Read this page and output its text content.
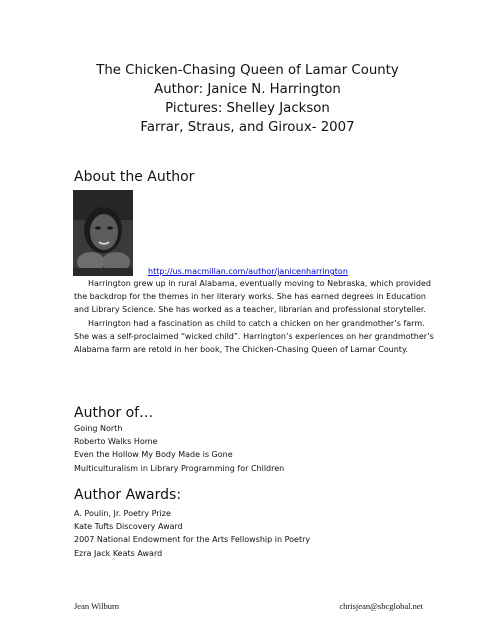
The Chicken-Chasing Queen of Lamar County
Author: Janice N. Harrington
Pictures: Shelley Jackson
Farrar, Straus, and Giroux- 2007
About the Author
http://us.macmillan.com/author/janicenharrington

Harrington grew up in rural Alabama, eventually moving to Nebraska, which provided the backdrop for the themes in her literary works. She has earned degrees in Education and Library Science. She has worked as a teacher, librarian and professional storyteller.

Harrington had a fascination as child to catch a chicken on her grandmother’s farm. She was a self-proclaimed “wicked child”. Harrington’s experiences on her grandmother’s Alabama farm are retold in her book, The Chicken-Chasing Queen of Lamar County.

Author of…
Going North
Roberto Walks Home
Even the Hollow My Body Made is Gone
Multiculturalism in Library Programming for Children
Author Awards:
A. Poulin, Jr. Poetry Prize
Kate Tufts Discovery Award
2007 National Endowment for the Arts Fellowship in Poetry
Ezra Jack Keats Award
Jean Wilburn	chrisjean@sbcglobal.net
